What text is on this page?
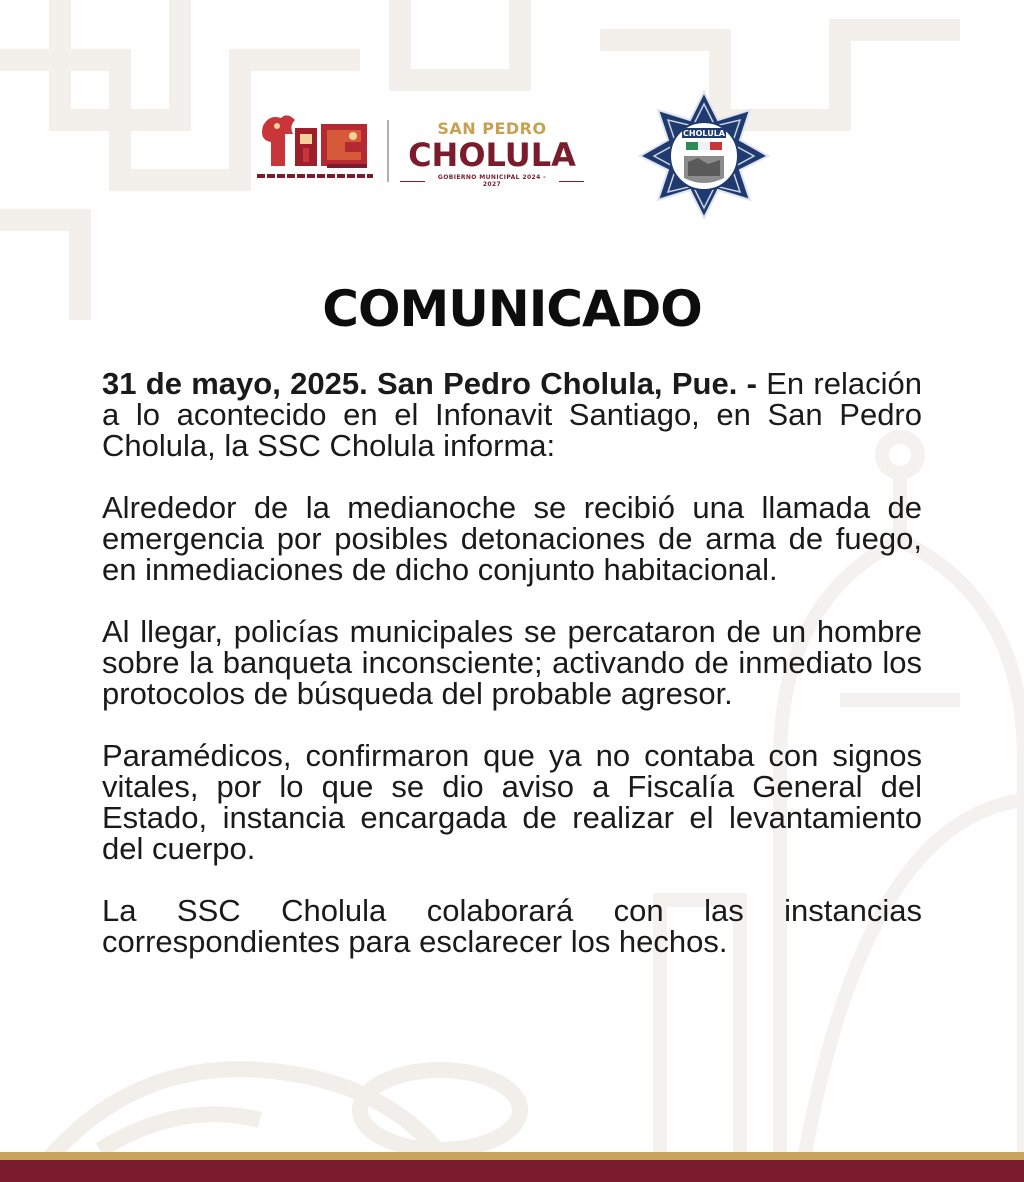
SAN PEDRO
CHOLULA
GOBIERNO MUNICIPAL 2024 - 2027
CHOLULA
COMUNICADO

31 de mayo, 2025. San Pedro Cholula, Pue. - En relación a lo acontecido en el Infonavit Santiago, en San Pedro Cholula, la SSC Cholula informa:

Alrededor de la medianoche se recibió una llamada de emergencia por posibles detonaciones de arma de fuego, en inmediaciones de dicho conjunto habitacional.

Al llegar, policías municipales se percataron de un hombre sobre la banqueta inconsciente; activando de inmediato los protocolos de búsqueda del probable agresor.

Paramédicos, confirmaron que ya no contaba con signos vitales, por lo que se dio aviso a Fiscalía General del Estado, instancia encargada de realizar el levantamiento del cuerpo.

La SSC Cholula colaborará con las instancias correspondientes para esclarecer los hechos.
